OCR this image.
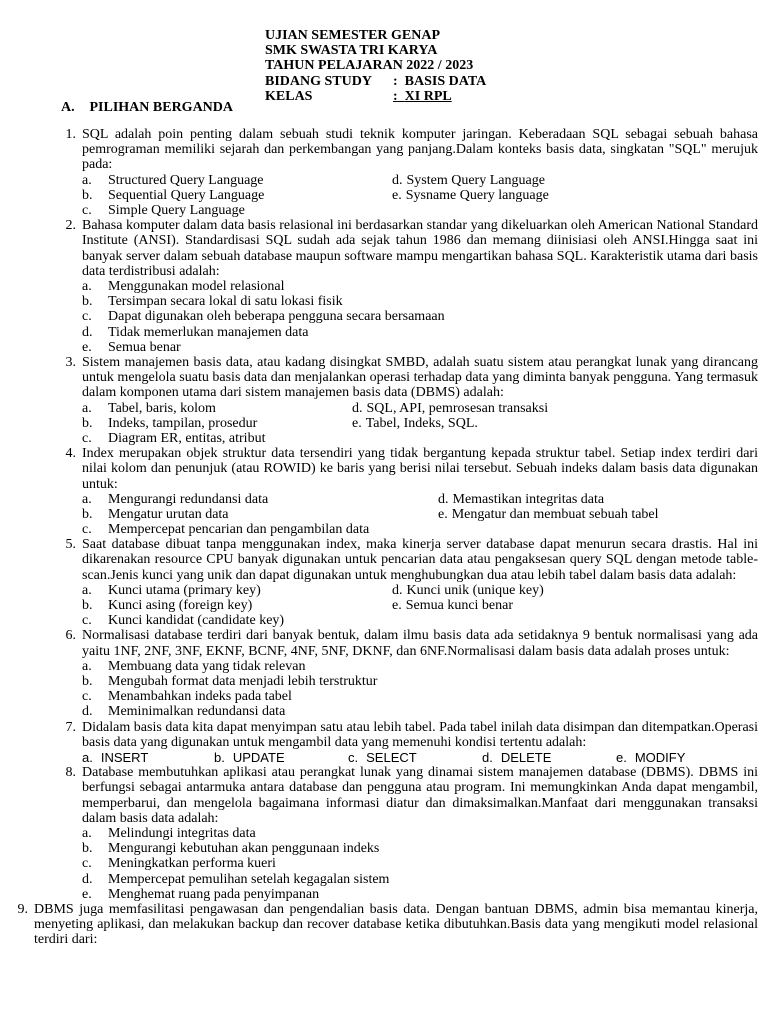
UJIAN SEMESTER GENAP
SMK SWASTA TRI KARYA
TAHUN PELAJARAN 2022 / 2023
BIDANG STUDY : BASIS DATA
KELAS	: XI RPL
A. PILIHAN BERGANDA
1. SQL adalah poin penting dalam sebuah studi teknik komputer jaringan. Keberadaan SQL sebagai sebuah bahasa pemrograman memiliki sejarah dan perkembangan yang panjang.Dalam konteks basis data, singkatan "SQL" merujuk pada:
a.	Structured Query Language	d. System Query Language
b.	Sequential Query Language	e. Sysname Query language
c.	Simple Query Language
2. Bahasa komputer dalam data basis relasional ini berdasarkan standar yang dikeluarkan oleh American National Standard Institute (ANSI). Standardisasi SQL sudah ada sejak tahun 1986 dan memang diinisiasi oleh ANSI.Hingga saat ini banyak server dalam sebuah database maupun software mampu mengartikan bahasa SQL. Karakteristik utama dari basis data terdistribusi adalah:
a.	Menggunakan model relasional
b.	Tersimpan secara lokal di satu lokasi fisik
c.	Dapat digunakan oleh beberapa pengguna secara bersamaan
d.	Tidak memerlukan manajemen data
e.	Semua benar
3. Sistem manajemen basis data, atau kadang disingkat SMBD, adalah suatu sistem atau perangkat lunak yang dirancang untuk mengelola suatu basis data dan menjalankan operasi terhadap data yang diminta banyak pengguna. Yang termasuk dalam komponen utama dari sistem manajemen basis data (DBMS) adalah:
a.	Tabel, baris, kolom	d. SQL, API, pemrosesan transaksi
b.	Indeks, tampilan, prosedur	e. Tabel, Indeks, SQL.
c.	Diagram ER, entitas, atribut
4. Index merupakan objek struktur data tersendiri yang tidak bergantung kepada struktur tabel. Setiap index terdiri dari nilai kolom dan penunjuk (atau ROWID) ke baris yang berisi nilai tersebut. Sebuah indeks dalam basis data digunakan untuk:
a.	Mengurangi redundansi data	d. Memastikan integritas data
b.	Mengatur urutan data	e. Mengatur dan membuat sebuah tabel
c.	Mempercepat pencarian dan pengambilan data
5. Saat database dibuat tanpa menggunakan index, maka kinerja server database dapat menurun secara drastis. Hal ini dikarenakan resource CPU banyak digunakan untuk pencarian data atau pengaksesan query SQL dengan metode table-scan.Jenis kunci yang unik dan dapat digunakan untuk menghubungkan dua atau lebih tabel dalam basis data adalah:
a.	Kunci utama (primary key)	d. Kunci unik (unique key)
b.	Kunci asing (foreign key)	e. Semua kunci benar
c.	Kunci kandidat (candidate key)
6. Normalisasi database terdiri dari banyak bentuk, dalam ilmu basis data ada setidaknya 9 bentuk normalisasi yang ada yaitu 1NF, 2NF, 3NF, EKNF, BCNF, 4NF, 5NF, DKNF, dan 6NF.Normalisasi dalam basis data adalah proses untuk:
a.	Membuang data yang tidak relevan
b.	Mengubah format data menjadi lebih terstruktur
c.	Menambahkan indeks pada tabel
d.	Meminimalkan redundansi data
7. Didalam basis data kita dapat menyimpan satu atau lebih tabel. Pada tabel inilah data disimpan dan ditempatkan.Operasi basis data yang digunakan untuk mengambil data yang memenuhi kondisi tertentu adalah:
a. INSERT	b. UPDATE	c. SELECT	d. DELETE	e. MODIFY
8. Database membutuhkan aplikasi atau perangkat lunak yang dinamai sistem manajemen database (DBMS). DBMS ini berfungsi sebagai antarmuka antara database dan pengguna atau program. Ini memungkinkan Anda dapat mengambil, memperbarui, dan mengelola bagaimana informasi diatur dan dimaksimalkan.Manfaat dari menggunakan transaksi dalam basis data adalah:
a.	Melindungi integritas data
b.	Mengurangi kebutuhan akan penggunaan indeks
c.	Meningkatkan performa kueri
d.	Mempercepat pemulihan setelah kegagalan sistem
e.	Menghemat ruang pada penyimpanan
9. DBMS juga memfasilitasi pengawasan dan pengendalian basis data. Dengan bantuan DBMS, admin bisa memantau kinerja, menyeting aplikasi, dan melakukan backup dan recover database ketika dibutuhkan.Basis data yang mengikuti model relasional terdiri dari:
